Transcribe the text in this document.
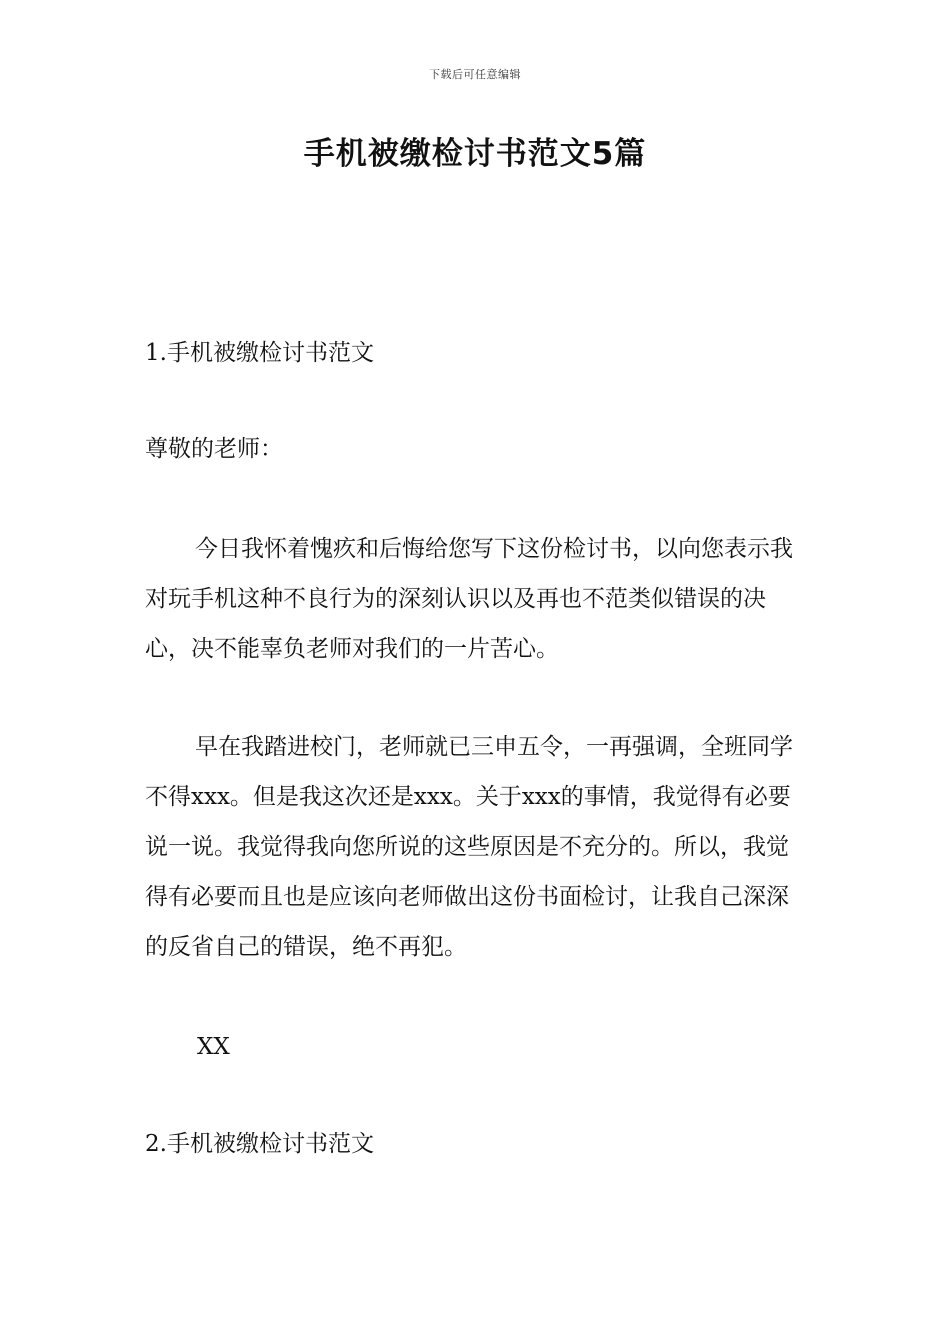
下载后可任意编辑
手机被缴检讨书范文5篇
1.手机被缴检讨书范文
尊敬的老师：
今日我怀着愧疚和后悔给您写下这份检讨书，以向您表示我对玩手机这种不良行为的深刻认识以及再也不范类似错误的决心，决不能辜负老师对我们的一片苦心。
早在我踏进校门，老师就已三申五令，一再强调，全班同学不得xxx。但是我这次还是xxx。关于xxx的事情，我觉得有必要说一说。我觉得我向您所说的这些原因是不充分的。所以，我觉得有必要而且也是应该向老师做出这份书面检讨，让我自己深深的反省自己的错误，绝不再犯。
XX
2.手机被缴检讨书范文
